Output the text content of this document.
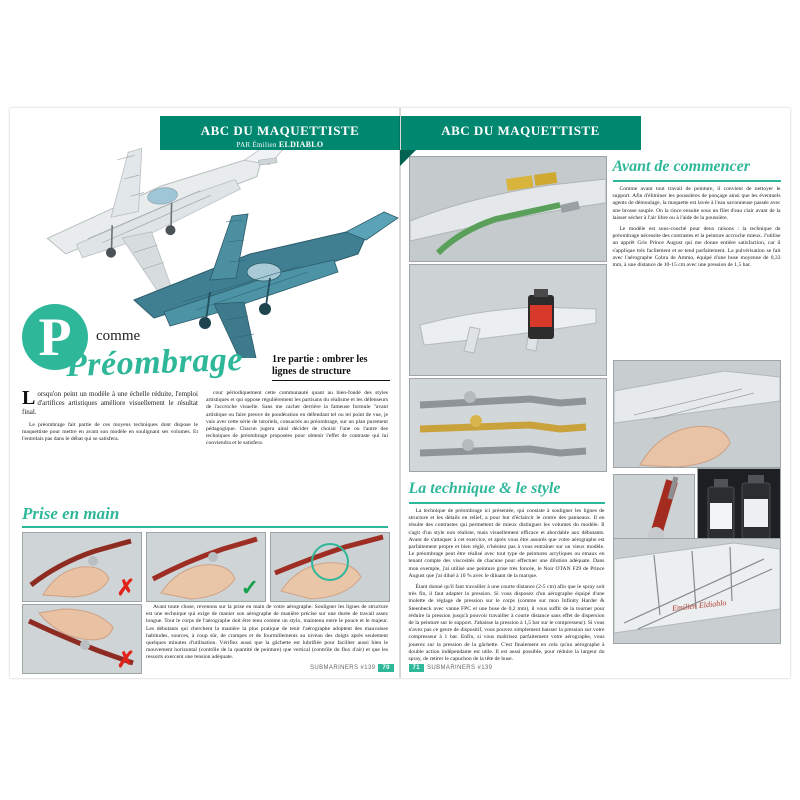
ABC DU MAQUETTISTE
PAR Émilien ELDIABLO
P	comme
Préombrage	1re partie : ombrer les lignes de structure

Lorsqu'on peint un modèle à une échelle réduite, l'emploi d'artifices artistiques améliore visuellement le résultat final.

Le préombrage fait partie de ces moyens techniques dont dispose le maquettiste pour mettre en avant son modèle en soulignant ses volumes. Et l'entrelais pas dans le débat qui se satisfera.

cour périodiquement cette communauté quant au bien-fondé des styles artistiques et qui oppose régulièrement les partisans du réalisme et les défenseurs de l'accroche visuelle. Sans me cacher derrière la fameuse formule "avant artistique ou faire preuve de pondération en défendant tel ou tel point de vue, je vais aver cette série de tutoriels, consacrés au préombrage, sur un plan purement pédagogique. Chacun jugera ainsi décider de choisir l'une ou l'autre des techniques de préombrage proposées pour obtenir l'effet de contraste qui lui conviendra et le satisfera.

Prise en main
✗	✓
✗

Avant toute chose, revenons sur la prise en main de votre aérographe. Souligner les lignes de structure est une technique qui exige de manier son aérographe de manière précise sur une durée de travail assez longue. Tout le corps de l'aérographe doit être tenu comme un stylo, maintenu entre le pouce et le majeur. Les débutants qui cherchent la manière la plus pratique de tenir l'aérographe adoptent des mauvaises habitudes, sources, à coup sûr, de crampes et de fourmillements au niveau des doigts après seulement quelques minutes d'utilisation. Vérifiez aussi que la gâchette est lubrifiée pour faciliter aussi bien le mouvement horizontal (contrôle de la quantité de peinture) que vertical (contrôle du flux d'air) et que les ressorts exercent une tension adéquate.

SUBMARINERS #139 70
ABC DU MAQUETTISTE
Emilien Eldiablo
Avant de commencer

Comme avant tout travail de peinture, il convient de nettoyer le support. Afin d'éliminer les poussières de ponçage ainsi que les éventuels agents de démoulage, la maquette est lavée à l'eau savonneuse passée avec une brosse souple. On la rince ensuite sous un filet d'eau clair avant de la laisser sécher à l'air libre ou à l'aide de la poussière.

Le modèle est sous-couché pour deux raisons : la technique de préombrage nécessite des contrastes et la peinture accroche mieux. J'utilise un apprêt Gris Prince August qui me donne entière satisfaction, car il s'applique très facilement et se tend parfaitement. La pulvérisation se fait avec l'aérographe Cobra de Ammo, équipé d'une buse moyenne de 0,33 mm, à une distance de 10-15 cm avec une pression de 1,5 bar.

La technique & le style

La technique de préombrage ici présentée, qui consiste à souligner les lignes de structure et les détails en relief, a pour but d'éclaircir le centre des panneaux. Il en résulte des contrastes qui permettent de mieux distinguer les volumes du modèle. Il s'agit d'un style non réaliste, mais visuellement efficace et abordable aux débutants. Avant de s'attaquer à cet exercice, et après vous être assurés que votre aérographe est parfaitement propre et bien réglé, n'hésitez pas à vous entraîner sur un vieux modèle. Le préombrage peut être réalisé avec tout type de peintures acryliques ou emaux en tenant compte des viscosités de chacune pour effectuer une dilution adéquate. Dans mon exemple, j'ai utilisé une peinture grise très foncée, le Noir OTAN F29 de Prince August que j'ai dilué à 10 % avec le diluant de la marque.

Étant donné qu'il faut travailler à une courte distance (2-5 cm) afin que le spray soit très fin, il faut adapter la pression. Si vous disposez d'un aérographe équipé d'une molette de réglage de pression sur le corps (comme sur mon Infinity Harder & Steenbeck avec vanne FPC et une buse de 0,2 mm), il vous suffit de la tourner pour réduire la pression jusqu'à pouvoir travailler à courte distance sans effet de dispersion de la peinture sur le support. J'abaisse la pression à 1,5 bar sur le compresseur). Si vous n'avez pas ce genre de dispositif, vous pouvez simplement baisser la pression sur votre compresseur à 1 bar. Enfin, si vous maîtrisez parfaitement votre aérographe, vous jouerez sur la pression de la gâchette. C'est finalement en cela qu'un aérographe à double action indépendante est utile. Il est aussi possible, pour réduire la largeur du spray, de retirer le capuchon de la tête de buse.

71 SUBMARINERS #139
